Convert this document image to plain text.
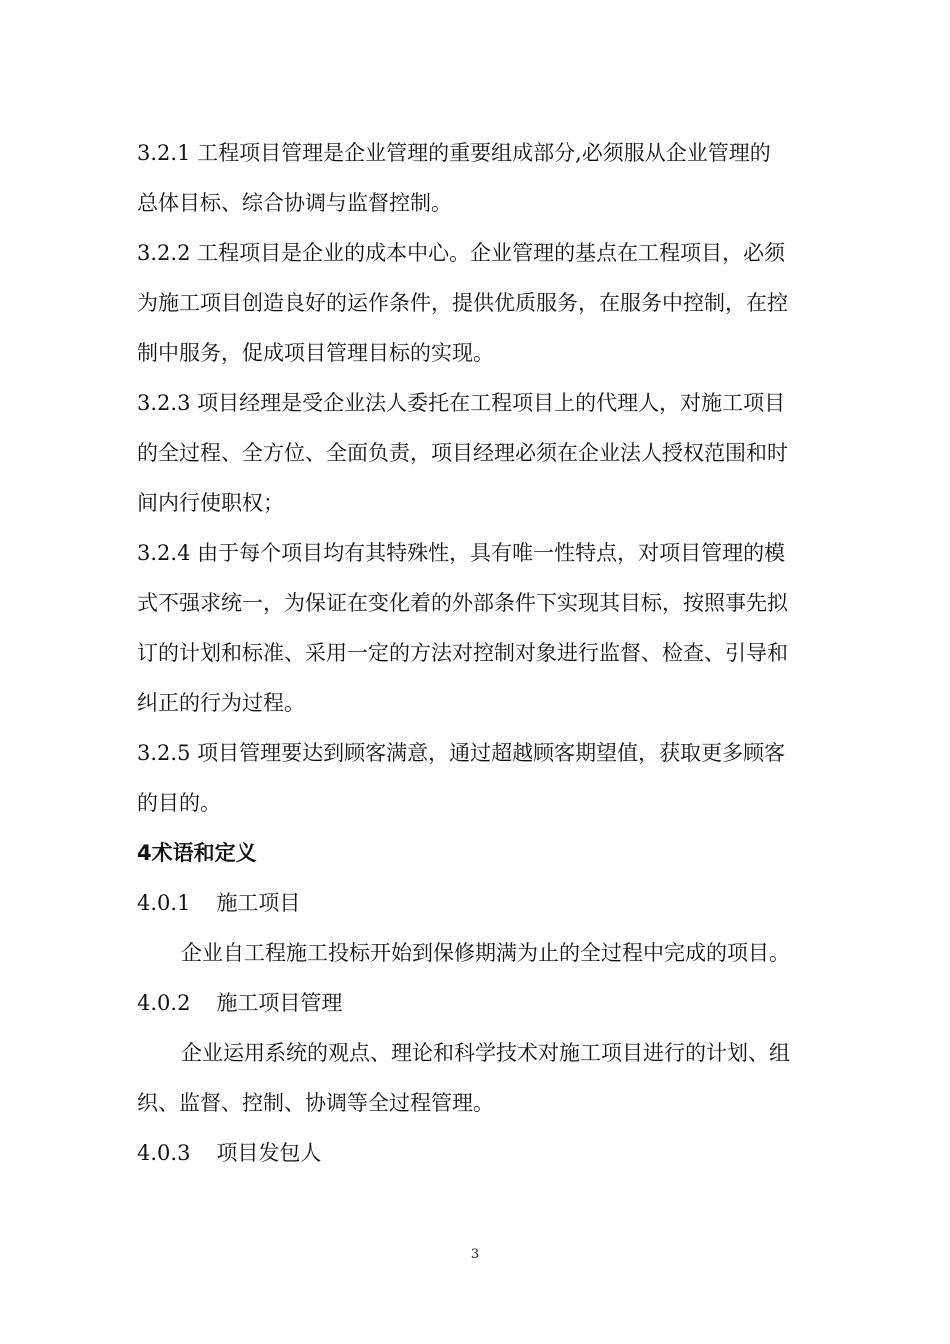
3.2.1 工程项目管理是企业管理的重要组成部分,必须服从企业管理的
总体目标、综合协调与监督控制。
3.2.2 工程项目是企业的成本中心。企业管理的基点在工程项目，必须
为施工项目创造良好的运作条件，提供优质服务，在服务中控制，在控
制中服务，促成项目管理目标的实现。
3.2.3 项目经理是受企业法人委托在工程项目上的代理人，对施工项目
的全过程、全方位、全面负责，项目经理必须在企业法人授权范围和时
间内行使职权；
3.2.4 由于每个项目均有其特殊性，具有唯一性特点，对项目管理的模
式不强求统一，为保证在变化着的外部条件下实现其目标，按照事先拟
订的计划和标准、采用一定的方法对控制对象进行监督、检查、引导和
纠正的行为过程。
3.2.5 项目管理要达到顾客满意，通过超越顾客期望值，获取更多顾客
的目的。
4术语和定义
4.0.1 施工项目
企业自工程施工投标开始到保修期满为止的全过程中完成的项目。
4.0.2 施工项目管理
企业运用系统的观点、理论和科学技术对施工项目进行的计划、组
织、监督、控制、协调等全过程管理。
4.0.3 项目发包人
3
